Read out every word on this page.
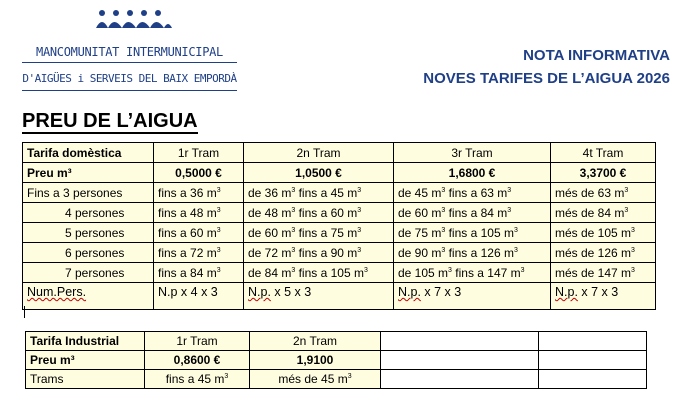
MANCOMUNITAT INTERMUNICIPAL
D'AIGÜES i SERVEIS DEL BAIX EMPORDÀ
NOTA INFORMATIVA
NOVES TARIFES DE L’AIGUA 2026
PREU DE L’AIGUA
Tarifa domèstica	1r Tram	2n Tram	3r Tram	4t Tram
Preu m³	0,5000 €	1,0500 €	1,6800 €	3,3700 €
Fins a 3 persones	fins a 36 $m^3$	de 36 $m^3$ fins a 45 $m^3$	de 45 $m^3$ fins a 63 $m^3$	més de 63 $m^3$
4 persones	fins a 48 $m^3$	de 48 $m^3$ fins a 60 $m^3$	de 60 $m^3$ fins a 84 $m^3$	més de 84 $m^3$
5 persones	fins a 60 $m^3$	de 60 $m^3$ fins a 75 $m^3$	de 75 $m^3$ fins a 105 $m^3$	més de 105 $m^3$
6 persones	fins a 72 $m^3$	de 72 $m^3$ fins a 90 $m^3$	de 90 $m^3$ fins a 126 $m^3$	més de 126 $m^3$
7 persones	fins a 84 $m^3$	de 84 $m^3$ fins a 105 $m^3$	de 105 $m^3$ fins a 147 $m^3$	més de 147 $m^3$
Num.Pers.	N.p x 4 x 3	N.p. x 5 x 3	N.p. x 7 x 3	N.p. x 7 x 3
Tarifa Industrial	1r Tram	2n Tram		
Preu m³	0,8600 €	1,9100		
Trams	fins a 45 $m^3$	més de 45 $m^3$		
